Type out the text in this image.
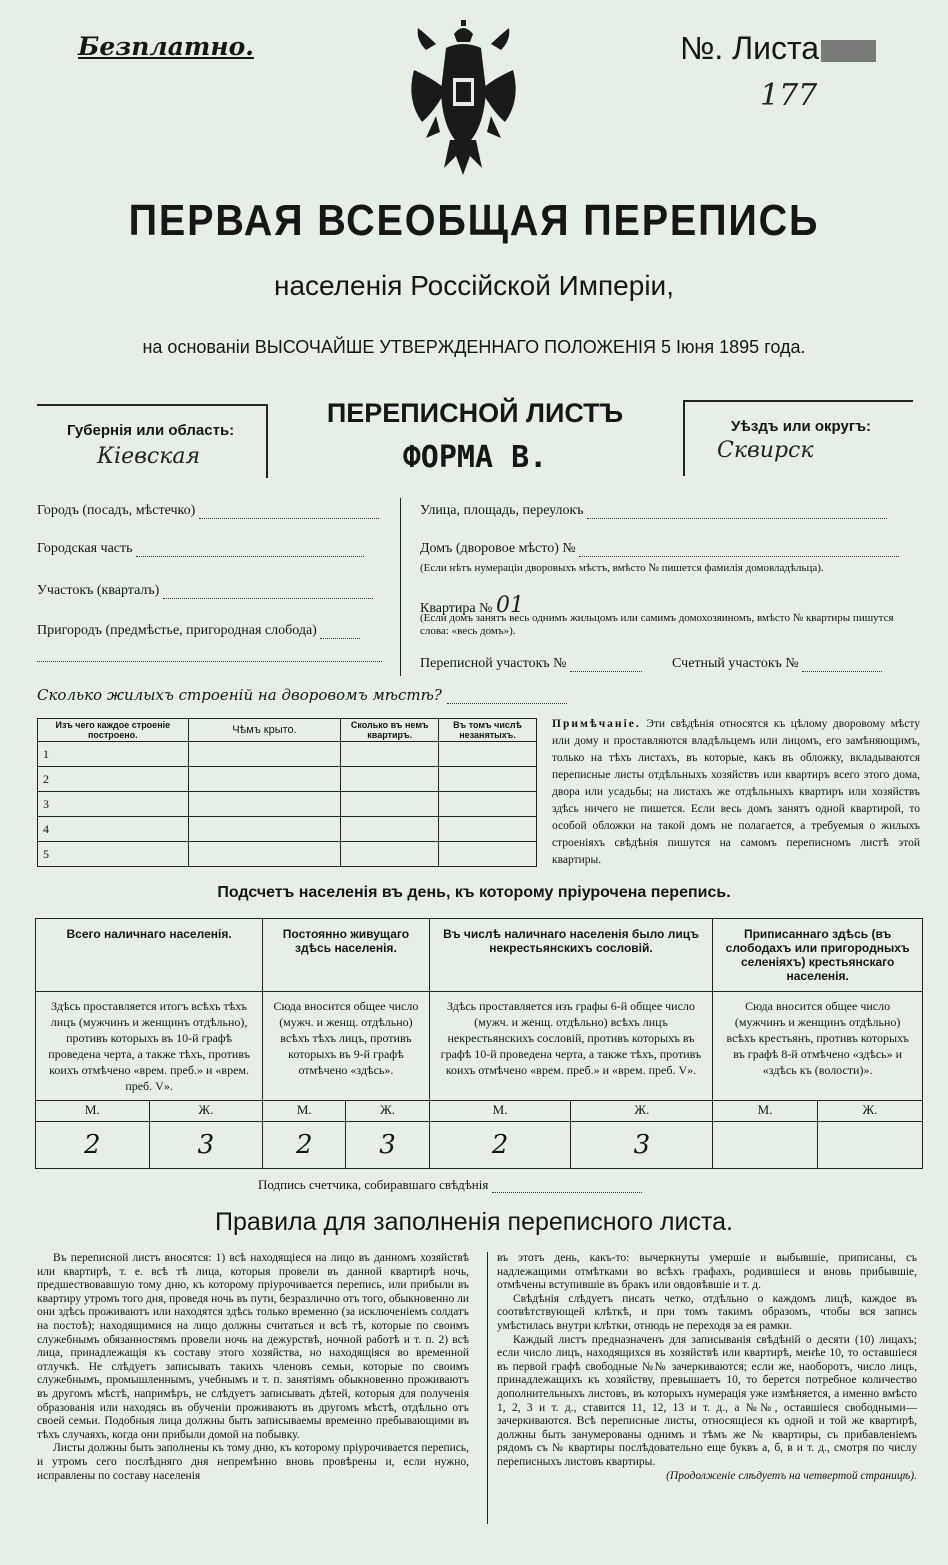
Безплатно.	№. Листа
177
ПЕРВАЯ ВСЕОБЩАЯ ПЕРЕПИСЬ
населенія Россійской Имперіи,
на основаніи ВЫСОЧАЙШЕ УТВЕРЖДЕННАГО ПОЛОЖЕНІЯ 5 Іюня 1895 года.
Губернія или область:
Кіевская
ПЕРЕПИСНОЙ ЛИСТЪ
ФОРМА В.
Уѣздъ или округъ:
Сквирск
Городъ (посадъ, мѣстечко)
Городская часть
Участокъ (кварталъ)
Пригородъ (предмѣстье, пригородная слобода)
Улица, площадь, переулокъ
Домъ (дворовое мѣсто) №
(Если нѣтъ нумераціи дворовыхъ мѣстъ, вмѣсто № пишется фамилія домовладѣльца).
Квартира № 01
(Если домъ занятъ весь однимъ жильцомъ или самимъ домохозяиномъ, вмѣсто № квартиры пишутся слова: «весь домъ»).
Переписной участокъ №	Счетный участокъ №
Сколько жилыхъ строеній на дворовомъ мѣстѣ?
Изъ чего каждое строеніе построено.	Чѣмъ крыто.	Сколько въ немъ квартиръ.	Въ томъ числѣ незанятыхъ.
1			
2			
3			
4			
5			
Примѣчаніе. Эти свѣдѣнія относятся къ цѣлому дворовому мѣсту или дому и проставляются владѣльцемъ или лицомъ, его замѣняющимъ, только на тѣхъ листахъ, въ которые, какъ въ обложку, вкладываются переписные листы отдѣльныхъ хозяйствъ или квартиръ всего этого дома, двора или усадьбы; на листахъ же отдѣльныхъ квартиръ или хозяйствъ здѣсь ничего не пишется. Если весь домъ занятъ одной квартирой, то особой обложки на такой домъ не полагается, а требуемыя о жилыхъ строеніяхъ свѣдѣнія пишутся на самомъ переписномъ листѣ этой квартиры.
Подсчетъ населенія въ день, къ которому пріурочена перепись.
Всего наличнаго населенія.		Постоянно живущаго здѣсь населенія.		Въ числѣ наличнаго населенія было лицъ некрестьянскихъ сословій.		Приписаннаго здѣсь (въ слободахъ или пригородныхъ селеніяхъ) крестьянскаго населенія.	
Здѣсь проставляется итогъ всѣхъ тѣхъ лицъ (мужчинъ и женщинъ отдѣльно), противъ которыхъ въ 10-й графѣ проведена черта, а также тѣхъ, противъ коихъ отмѣчено «врем. преб.» и «врем. преб. V».		Сюда вносится общее число (мужч. и женщ. отдѣльно) всѣхъ тѣхъ лицъ, противъ которыхъ въ 9-й графѣ отмѣчено «здѣсь».		Здѣсь проставляется изъ графы 6-й общее число (мужч. и женщ. отдѣльно) всѣхъ лицъ некрестьянскихъ сословій, противъ которыхъ въ графѣ 10-й проведена черта, а также тѣхъ, противъ коихъ отмѣчено «врем. преб.» и «врем. преб. V».		Сюда вносится общее число (мужчинъ и женщинъ отдѣльно) всѣхъ крестьянъ, противъ которыхъ въ графѣ 8-й отмѣчено «здѣсь» и «здѣсь къ (волости)».	
М.	Ж.	М.	Ж.	М.	Ж.	М.	Ж.
2	3	2	3	2	3		
Подпись счетчика, собиравшаго свѣдѣнія
Правила для заполненія переписного листа.

Въ переписной листъ вносятся: 1) всѣ находящіеся на лицо въ данномъ хозяйствѣ или квартирѣ, т. е. всѣ тѣ лица, которыя провели въ данной квартирѣ ночь, предшествовавшую тому дню, къ которому пріурочивается перепись, или прибыли въ квартиру утромъ того дня, проведя ночь въ пути, безразлично отъ того, обыкновенно ли они здѣсь проживаютъ или находятся здѣсь только временно (за исключеніемъ солдатъ на постоѣ); находящимися на лицо должны считаться и всѣ тѣ, которые по своимъ служебнымъ обязанностямъ провели ночь на дежурствѣ, ночной работѣ и т. п. 2) всѣ лица, принадлежащія къ составу этого хозяйства, но находящіяся во временной отлучкѣ. Не слѣдуетъ записывать такихъ членовъ семьи, которые по своимъ служебнымъ, промышленнымъ, учебнымъ и т. п. занятіямъ обыкновенно проживаютъ въ другомъ мѣстѣ, напримѣръ, не слѣдуетъ записывать дѣтей, которыя для полученія образованія или находясь въ обученіи проживаютъ въ другомъ мѣстѣ, отдѣльно отъ своей семьи. Подобныя лица должны быть записываемы временно пребывающими въ тѣхъ случаяхъ, когда они прибыли домой на побывку.

Листы должны быть заполнены къ тому дню, къ которому пріурочивается перепись, и утромъ сего послѣдняго дня непремѣнно вновь провѣрены и, если нужно, исправлены по составу населенія

въ этотъ день, какъ-то: вычеркнуты умершіе и выбывшіе, приписаны, съ надлежащими отмѣтками во всѣхъ графахъ, родившіеся и вновь прибывшіе, отмѣчены вступившіе въ бракъ или овдовѣвшіе и т. д.

Свѣдѣнія слѣдуетъ писать четко, отдѣльно о каждомъ лицѣ, каждое въ соотвѣтствующей клѣткѣ, и при томъ такимъ образомъ, чтобы вся запись умѣстилась внутри клѣтки, отнюдь не переходя за ея рамки.

Каждый листъ предназначенъ для записыванія свѣдѣній о десяти (10) лицахъ; если число лицъ, находящихся въ хозяйствѣ или квартирѣ, менѣе 10, то оставшіеся въ первой графѣ свободные №№ зачеркиваются; если же, наоборотъ, число лицъ, принадлежащихъ къ хозяйству, превышаетъ 10, то берется потребное количество дополнительныхъ листовъ, въ которыхъ нумерація уже измѣняется, а именно вмѣсто 1, 2, 3 и т. д., ставится 11, 12, 13 и т. д., а №№, оставшіеся свободными—зачеркиваются. Всѣ переписные листы, относящіеся къ одной и той же квартирѣ, должны быть занумерованы однимъ и тѣмъ же № квартиры, съ прибавленіемъ рядомъ съ № квартиры послѣдовательно еще буквъ а, б, в и т. д., смотря по числу переписныхъ листовъ квартиры.

(Продолженіе слѣдуетъ на четвертой страницѣ).
